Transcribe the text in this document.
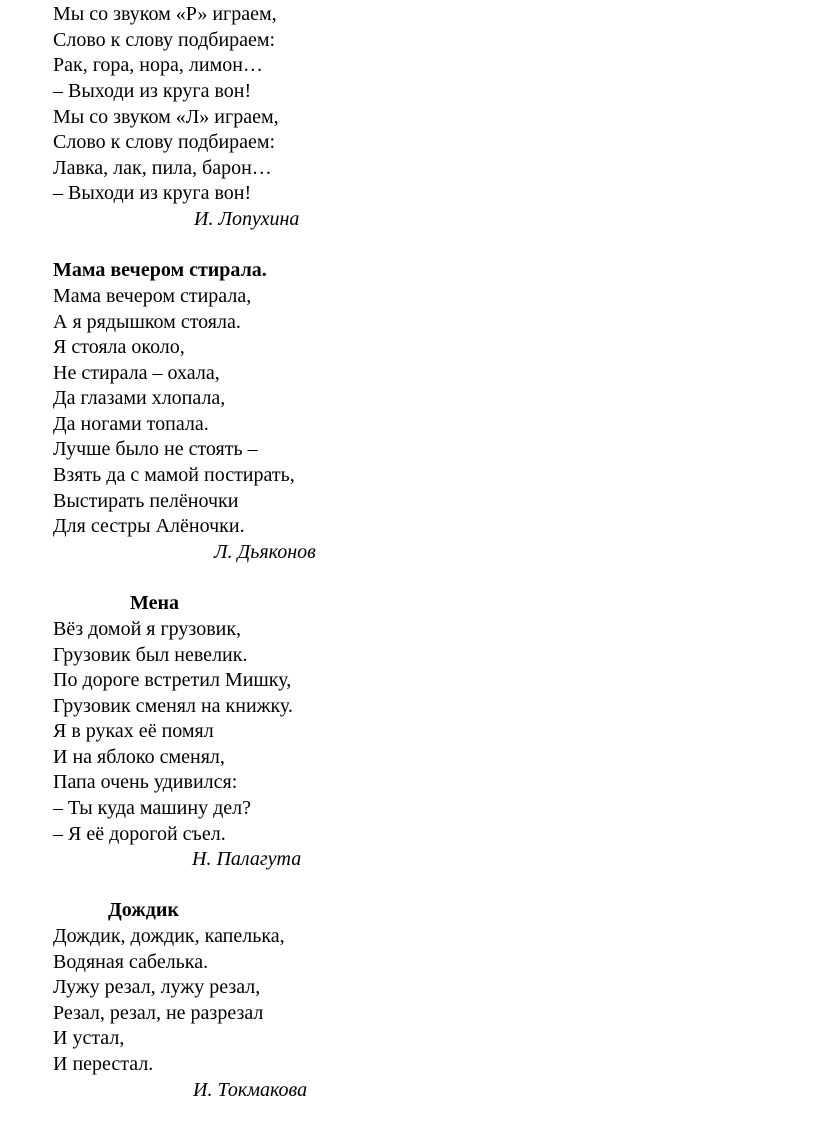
Мы со звуком «Р» играем,
Слово к слову подбираем:
Рак, гора, нора, лимон…
– Выходи из круга вон!
Мы со звуком «Л» играем,
Слово к слову подбираем:
Лавка, лак, пила, барон…
– Выходи из круга вон!
И. Лопухина
Мама вечером стирала.
Мама вечером стирала,
А я рядышком стояла.
Я стояла около,
Не стирала – охала,
Да глазами хлопала,
Да ногами топала.
Лучше было не стоять –
Взять да с мамой постирать,
Выстирать пелёночки
Для сестры Алёночки.
Л. Дьяконов
Мена
Вёз домой я грузовик,
Грузовик был невелик.
По дороге встретил Мишку,
Грузовик сменял на книжку.
Я в руках её помял
И на яблоко сменял,
Папа очень удивился:
– Ты куда машину дел?
– Я её дорогой съел.
Н. Палагута
Дождик
Дождик, дождик, капелька,
Водяная сабелька.
Лужу резал, лужу резал,
Резал, резал, не разрезал
И устал,
И перестал.
И. Токмакова
